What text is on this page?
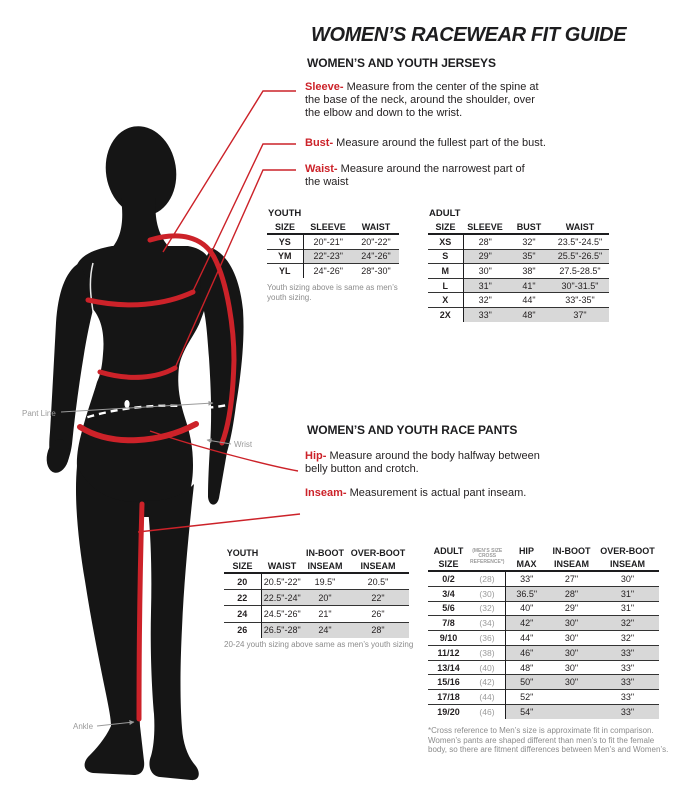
Pant Line
Wrist
Ankle
WOMEN’S RACEWEAR FIT GUIDE
WOMEN’S AND YOUTH JERSEYS
Sleeve- Measure from the center of the spine at the base of the neck, around the shoulder, over the elbow and down to the wrist.
Bust- Measure around the fullest part of the bust.
Waist- Measure around the narrowest part of the waist
YOUTH		
SIZE	SLEEVE	WAIST
YS	20"-21"	20"-22"
YM	22"-23"	24"-26"
YL	24"-26"	28"-30"
Youth sizing above is same as men’s youth sizing.
ADULT			
SIZE	SLEEVE	BUST	WAIST
XS	28"	32"	23.5"-24.5"
S	29"	35"	25.5"-26.5"
M	30"	38"	27.5-28.5"
L	31"	41"	30"-31.5"
X	32"	44"	33"-35"
2X	33"	48"	37"
WOMEN’S AND YOUTH RACE PANTS
Hip- Measure around the body halfway between belly button and crotch.
Inseam- Measurement is actual pant inseam.
YOUTH		IN-BOOT	OVER-BOOT
SIZE	WAIST	INSEAM	INSEAM
20	20.5"-22"	19.5"	20.5"
22	22.5"-24"	20"	22"
24	24.5"-26"	21"	26"
26	26.5"-28"	24"	28"
20-24 youth sizing above same as men’s youth sizing
ADULT	(MEN’S SIZE CROSS REFERENCE*)	HIP	IN-BOOT	OVER-BOOT
SIZE		MAX	INSEAM	INSEAM
0/2	(28)	33"	27"	30"
3/4	(30)	36.5"	28"	31"
5/6	(32)	40"	29"	31"
7/8	(34)	42"	30"	32"
9/10	(36)	44"	30"	32"
11/12	(38)	46"	30"	33"
13/14	(40)	48"	30"	33"
15/16	(42)	50"	30"	33"
17/18	(44)	52"		33"
19/20	(46)	54"		33"
*Cross reference to Men’s size is approximate fit in comparison. Women’s pants are shaped different than men’s to fit the female body, so there are fitment differences between Men’s and Women’s.
